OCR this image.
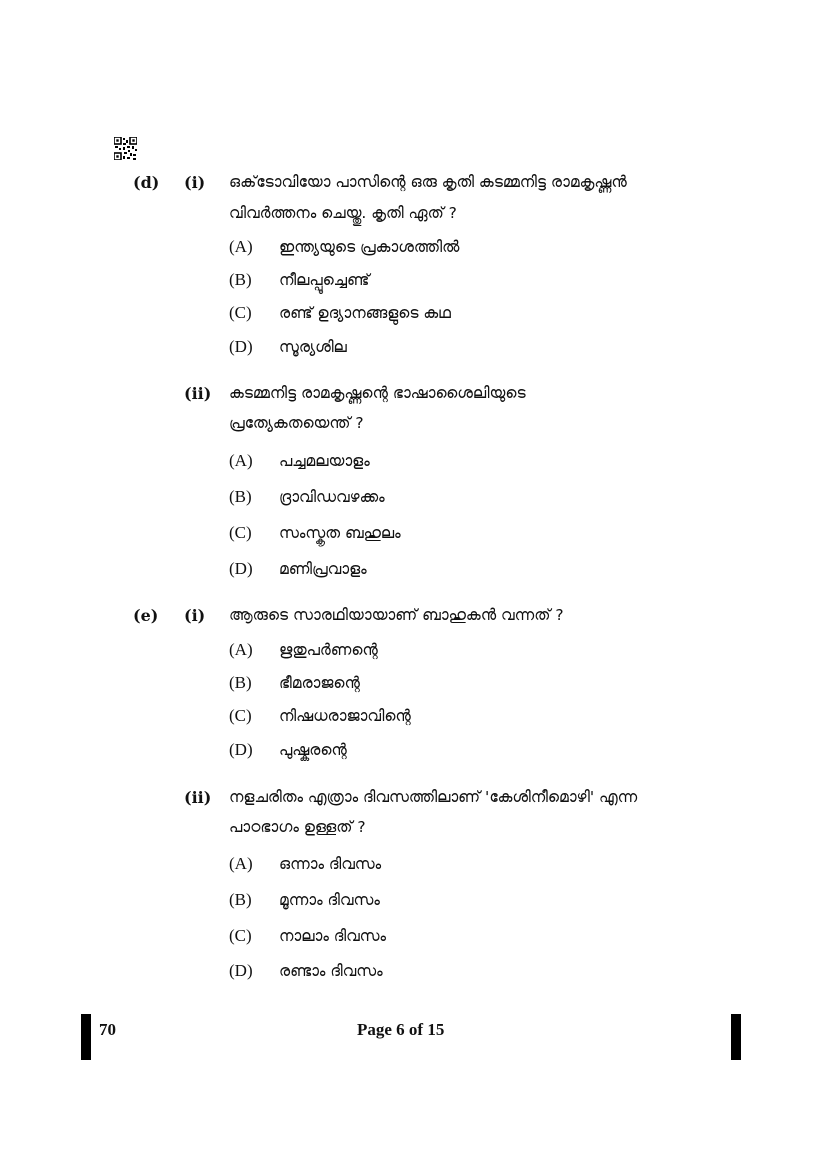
(d) (i) ഒക്‌ടോവിയോ പാസിന്റെ ഒരു കൃതി കടമ്മനിട്ട രാമകൃഷ്ണൻ
വിവർത്തനം ചെയ്തു. കൃതി ഏത് ?
(A) ഇന്ത്യയുടെ പ്രകാശത്തിൽ
(B) നീലപ്പൂച്ചെണ്ട്
(C) രണ്ട് ഉദ്യാനങ്ങളുടെ കഥ
(D) സൂര്യശില
(ii) കടമ്മനിട്ട രാമകൃഷ്ണന്റെ ഭാഷാശൈലിയുടെ
പ്രത്യേകതയെന്ത് ?
(A) പച്ചമലയാളം
(B) ദ്രാവിഡവഴക്കം
(C) സംസ്കൃത ബഹുലം
(D) മണിപ്രവാളം
(e) (i) ആരുടെ സാരഥിയായാണ് ബാഹുകൻ വന്നത് ?
(A) ഋതുപർണന്റെ
(B) ഭീമരാജന്റെ
(C) നിഷധരാജാവിന്റെ
(D) പുഷ്കരന്റെ
(ii) നളചരിതം എത്രാം ദിവസത്തിലാണ് 'കേശിനീമൊഴി' എന്ന
പാഠഭാഗം ഉള്ളത് ?
(A) ഒന്നാം ദിവസം
(B) മൂന്നാം ദിവസം
(C) നാലാം ദിവസം
(D) രണ്ടാം ദിവസം
70	Page 6 of 15
